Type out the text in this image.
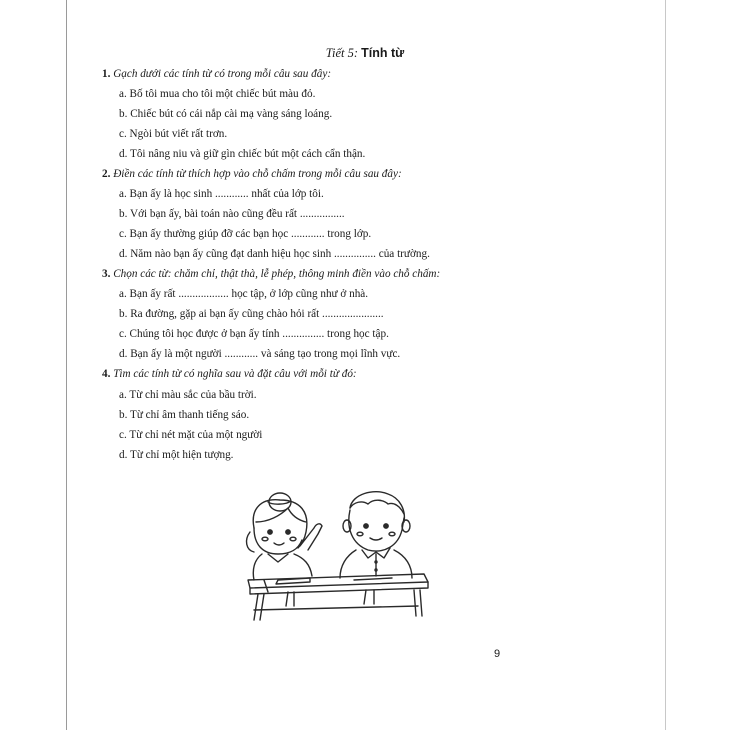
Tiết 5: Tính từ
1. Gạch dưới các tính từ có trong mỗi câu sau đây:
a. Bố tôi mua cho tôi một chiếc bút màu đỏ.
b. Chiếc bút có cái nắp cài mạ vàng sáng loáng.
c. Ngòi bút viết rất trơn.
d. Tôi nâng niu và giữ gìn chiếc bút một cách cẩn thận.
2. Điền các tính từ thích hợp vào chỗ chấm trong mỗi câu sau đây:
a. Bạn ấy là học sinh ............ nhất của lớp tôi.
b. Với bạn ấy, bài toán nào cũng đều rất ................
c. Bạn ấy thường giúp đỡ các bạn học ............ trong lớp.
d. Năm nào bạn ấy cũng đạt danh hiệu học sinh ............... của trường.
3. Chọn các từ: chăm chỉ, thật thà, lễ phép, thông minh điền vào chỗ chấm:
a. Bạn ấy rất .................. học tập, ở lớp cũng như ở nhà.
b. Ra đường, gặp ai bạn ấy cũng chào hỏi rất ......................
c. Chúng tôi học được ở bạn ấy tính ............... trong học tập.
d. Bạn ấy là một người ............ và sáng tạo trong mọi lĩnh vực.
4. Tìm các tính từ có nghĩa sau và đặt câu với mỗi từ đó:
a. Từ chỉ màu sắc của bầu trời.
b. Từ chỉ âm thanh tiếng sáo.
c. Từ chỉ nét mặt của một người
d. Từ chỉ một hiện tượng.
9
